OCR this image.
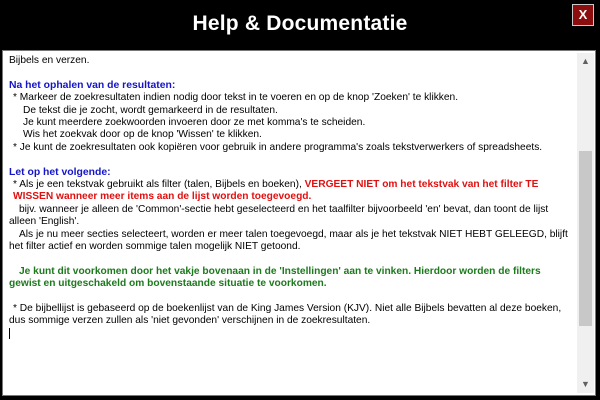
Help & Documentatie	X

Bijbels en verzen.

Na het ophalen van de resultaten:

* Markeer de zoekresultaten indien nodig door tekst in te voeren en op de knop 'Zoeken' te klikken.

De tekst die je zocht, wordt gemarkeerd in de resultaten.

Je kunt meerdere zoekwoorden invoeren door ze met komma's te scheiden.

Wis het zoekvak door op de knop 'Wissen' te klikken.

* Je kunt de zoekresultaten ook kopiëren voor gebruik in andere programma's zoals tekstverwerkers of spreadsheets.

Let op het volgende:

* Als je een tekstvak gebruikt als filter (talen, Bijbels en boeken), VERGEET NIET om het tekstvak van het filter TE WISSEN wanneer meer items aan de lijst worden toegevoegd.

bijv. wanneer je alleen de 'Common'-sectie hebt geselecteerd en het taalfilter bijvoorbeeld 'en' bevat, dan toont de lijst alleen 'English'.

Als je nu meer secties selecteert, worden er meer talen toegevoegd, maar als je het tekstvak NIET HEBT GELEEGD, blijft het filter actief en worden sommige talen mogelijk NIET getoond.

Je kunt dit voorkomen door het vakje bovenaan in de 'Instellingen' aan te vinken. Hierdoor worden de filters gewist en uitgeschakeld om bovenstaande situatie te voorkomen.

* De bijbellijst is gebaseerd op de boekenlijst van de King James Version (KJV). Niet alle Bijbels bevatten al deze boeken, dus sommige verzen zullen als 'niet gevonden' verschijnen in de zoekresultaten.

▲
▼
